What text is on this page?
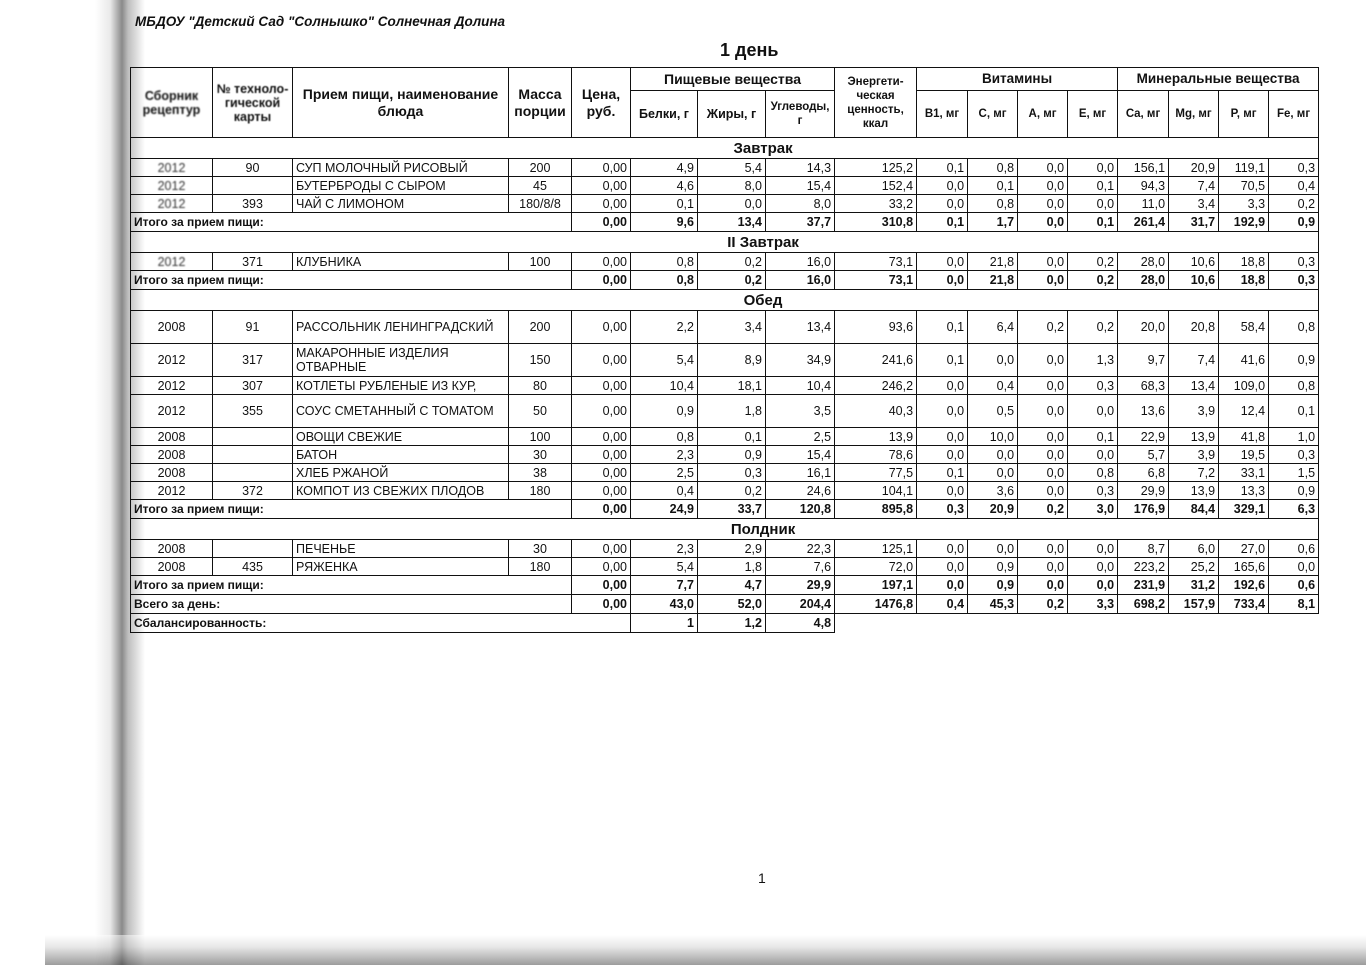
МБДОУ "Детский Сад "Солнышко" Солнечная Долина
1 день
Сборник рецептур	№ техноло-гической карты	Прием пищи, наименование блюда	Масса порции	Цена, руб.	Пищевые вещества			Энергети-ческая ценность, ккал	Витамины				Минеральные вещества			
					Белки, г	Жиры, г	Углеводы, г		B1, мг	C, мг	A, мг	E, мг	Ca, мг	Mg, мг	P, мг	Fe, мг
Завтрак																
2012	90	СУП МОЛОЧНЫЙ РИСОВЫЙ	200	0,00	4,9	5,4	14,3	125,2	0,1	0,8	0,0	0,0	156,1	20,9	119,1	0,3
2012		БУТЕРБРОДЫ С СЫРОМ	45	0,00	4,6	8,0	15,4	152,4	0,0	0,1	0,0	0,1	94,3	7,4	70,5	0,4
2012	393	ЧАЙ С ЛИМОНОМ	180/8/8	0,00	0,1	0,0	8,0	33,2	0,0	0,8	0,0	0,0	11,0	3,4	3,3	0,2
Итого за прием пищи:				0,00	9,6	13,4	37,7	310,8	0,1	1,7	0,0	0,1	261,4	31,7	192,9	0,9
II Завтрак																
2012	371	КЛУБНИКА	100	0,00	0,8	0,2	16,0	73,1	0,0	21,8	0,0	0,2	28,0	10,6	18,8	0,3
Итого за прием пищи:				0,00	0,8	0,2	16,0	73,1	0,0	21,8	0,0	0,2	28,0	10,6	18,8	0,3
Обед																
2008	91	РАССОЛЬНИК ЛЕНИНГРАДСКИЙ	200	0,00	2,2	3,4	13,4	93,6	0,1	6,4	0,2	0,2	20,0	20,8	58,4	0,8
2012	317	МАКАРОННЫЕ ИЗДЕЛИЯ ОТВАРНЫЕ	150	0,00	5,4	8,9	34,9	241,6	0,1	0,0	0,0	1,3	9,7	7,4	41,6	0,9
2012	307	КОТЛЕТЫ РУБЛЕНЫЕ ИЗ КУР,	80	0,00	10,4	18,1	10,4	246,2	0,0	0,4	0,0	0,3	68,3	13,4	109,0	0,8
2012	355	СОУС СМЕТАННЫЙ С ТОМАТОМ	50	0,00	0,9	1,8	3,5	40,3	0,0	0,5	0,0	0,0	13,6	3,9	12,4	0,1
2008		ОВОЩИ СВЕЖИЕ	100	0,00	0,8	0,1	2,5	13,9	0,0	10,0	0,0	0,1	22,9	13,9	41,8	1,0
2008		БАТОН	30	0,00	2,3	0,9	15,4	78,6	0,0	0,0	0,0	0,0	5,7	3,9	19,5	0,3
2008		ХЛЕБ РЖАНОЙ	38	0,00	2,5	0,3	16,1	77,5	0,1	0,0	0,0	0,8	6,8	7,2	33,1	1,5
2012	372	КОМПОТ ИЗ СВЕЖИХ ПЛОДОВ	180	0,00	0,4	0,2	24,6	104,1	0,0	3,6	0,0	0,3	29,9	13,9	13,3	0,9
Итого за прием пищи:				0,00	24,9	33,7	120,8	895,8	0,3	20,9	0,2	3,0	176,9	84,4	329,1	6,3
Полдник																
2008		ПЕЧЕНЬЕ	30	0,00	2,3	2,9	22,3	125,1	0,0	0,0	0,0	0,0	8,7	6,0	27,0	0,6
2008	435	РЯЖЕНКА	180	0,00	5,4	1,8	7,6	72,0	0,0	0,9	0,0	0,0	223,2	25,2	165,6	0,0
Итого за прием пищи:				0,00	7,7	4,7	29,9	197,1	0,0	0,9	0,0	0,0	231,9	31,2	192,6	0,6
Всего за день:				0,00	43,0	52,0	204,4	1476,8	0,4	45,3	0,2	3,3	698,2	157,9	733,4	8,1
Сбалансированность:					1	1,2	4,8									
1
